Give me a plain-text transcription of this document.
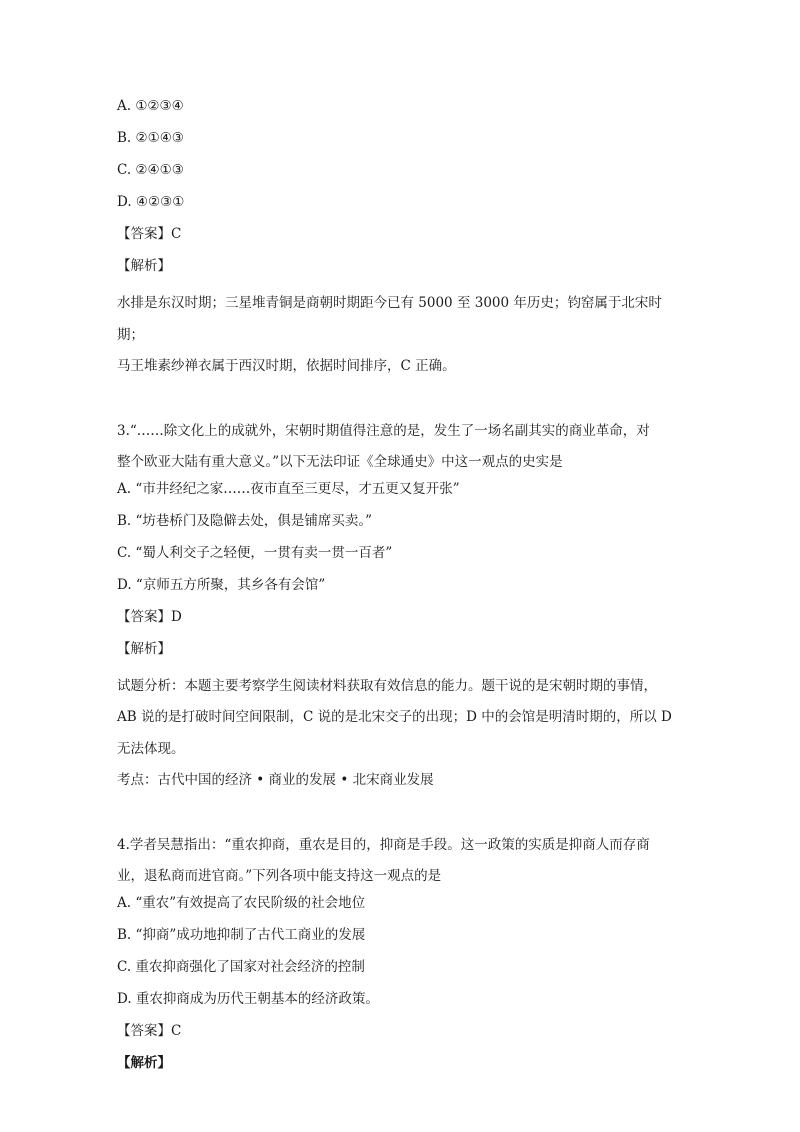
A. ①②③④

B. ②①④③

C. ②④①③

D. ④②③①

【答案】C

【解析】

水排是东汉时期；三星堆青铜是商朝时期距今已有 5000 至 3000 年历史；钧窑属于北宋时期；

马王堆素纱禅衣属于西汉时期，依据时间排序，C 正确。

3.“……除文化上的成就外，宋朝时期值得注意的是，发生了一场名副其实的商业革命，对

整个欧亚大陆有重大意义。”以下无法印证《全球通史》中这一观点的史实是

A. “市井经纪之家……夜市直至三更尽，才五更又复开张”

B. “坊巷桥门及隐僻去处，俱是铺席买卖。”

C. “蜀人利交子之轻便，一贯有卖一贯一百者”

D. “京师五方所聚，其乡各有会馆”

【答案】D

【解析】

试题分析：本题主要考察学生阅读材料获取有效信息的能力。题干说的是宋朝时期的事情，

AB 说的是打破时间空间限制，C 说的是北宋交子的出现；D 中的会馆是明清时期的，所以 D

无法体现。

考点：古代中国的经济 • 商业的发展 • 北宋商业发展

4.学者吴慧指出：“重农抑商，重农是目的，抑商是手段。这一政策的实质是抑商人而存商

业，退私商而进官商。”下列各项中能支持这一观点的是

A. “重农”有效提高了农民阶级的社会地位

B. “抑商”成功地抑制了古代工商业的发展

C. 重农抑商强化了国家对社会经济的控制

D. 重农抑商成为历代王朝基本的经济政策。

【答案】C

【解析】
